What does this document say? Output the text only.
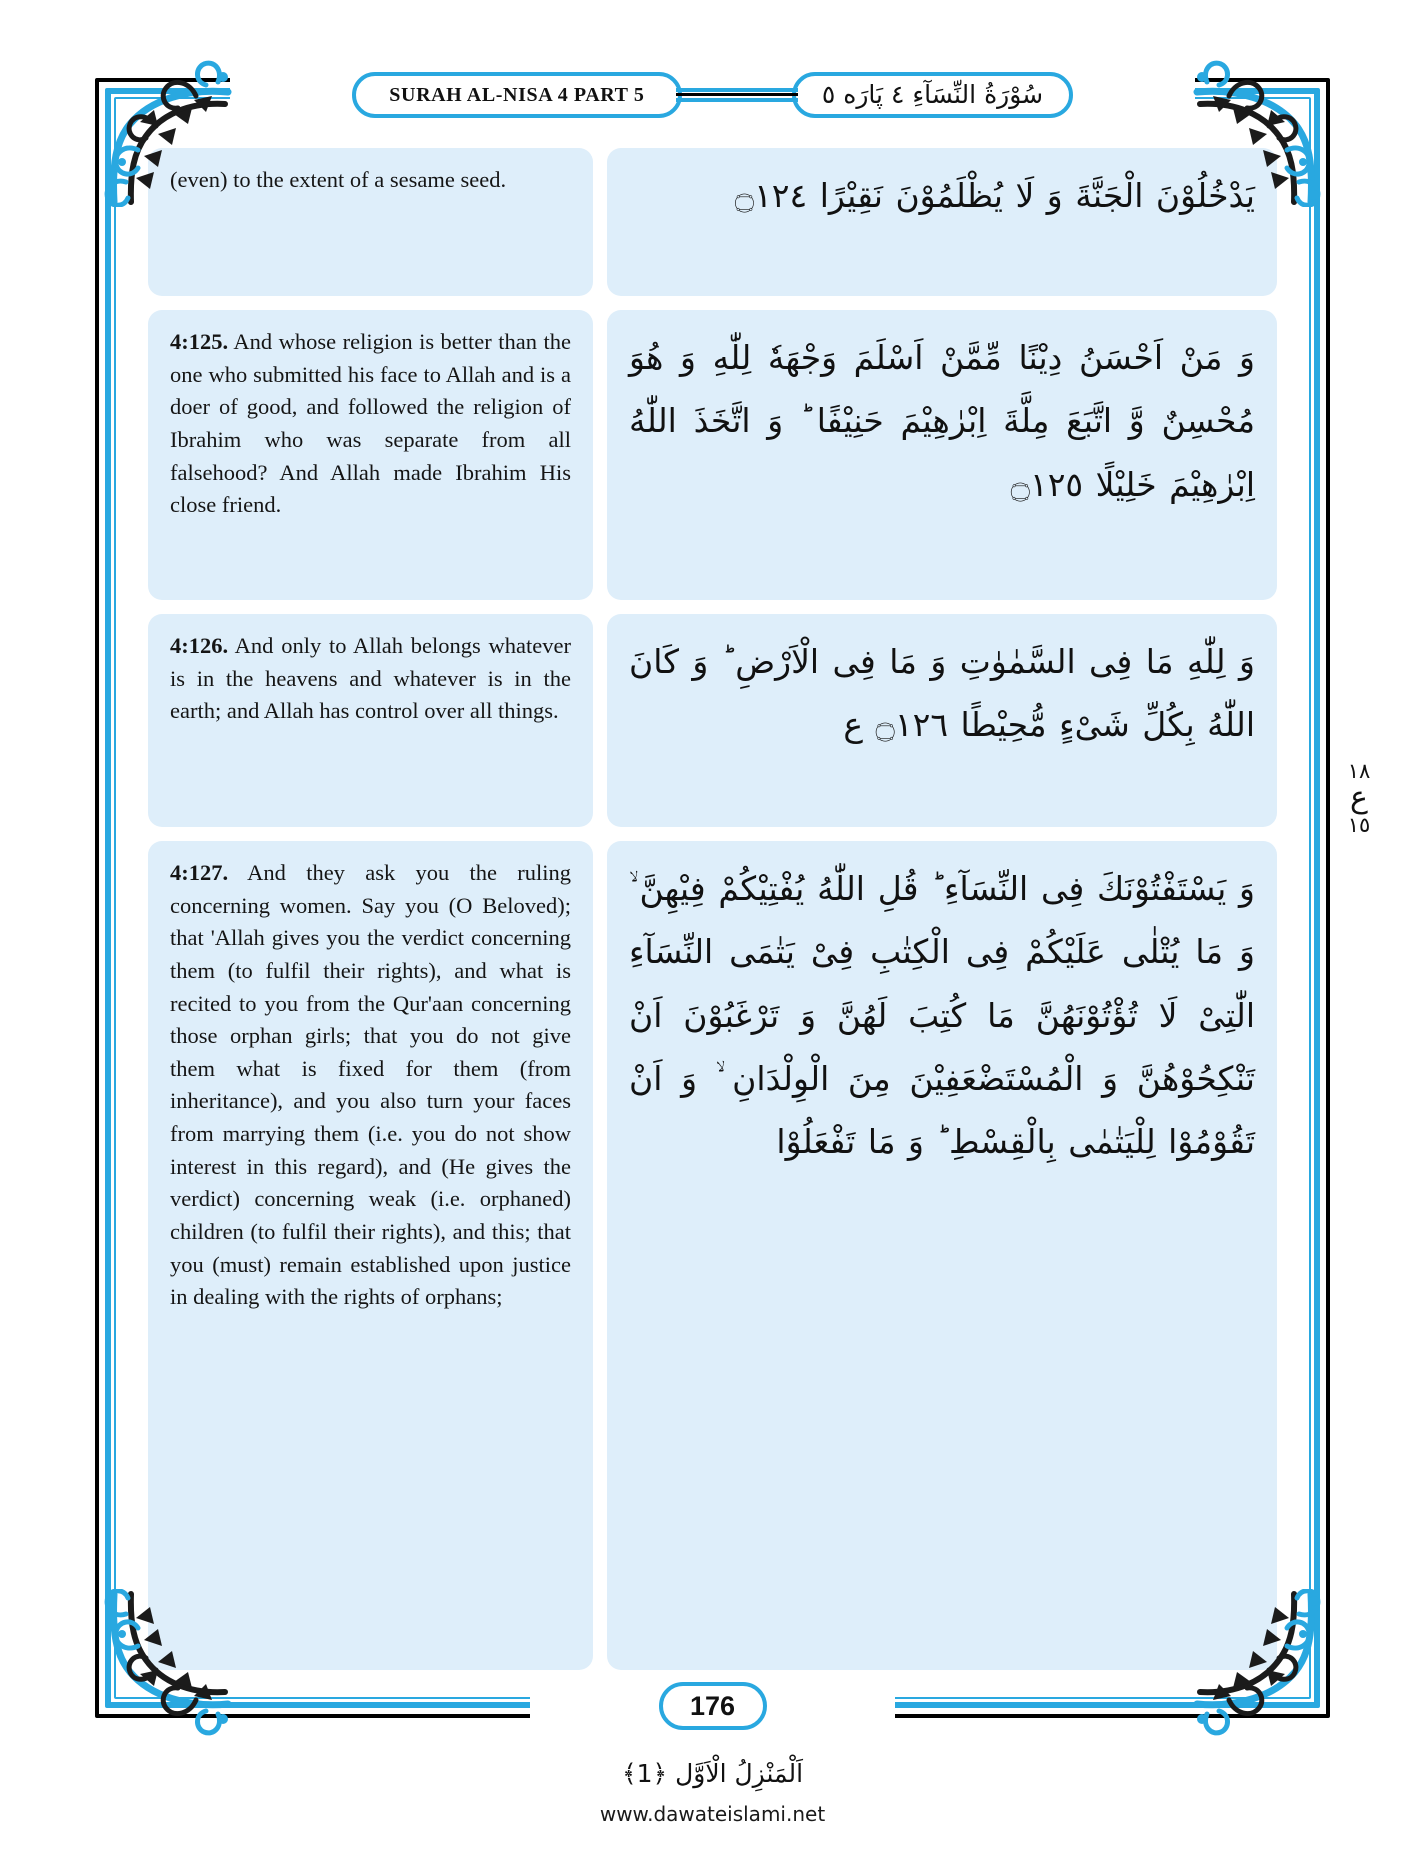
SURAH AL-NISA 4 PART 5	سُوْرَةُ النِّسَآءِ ٤ پَارَه ٥

(even) to the extent of a sesame seed.

4:125. And whose religion is better than the one who submitted his face to Allah and is a doer of good, and followed the religion of Ibrahim who was separate from all falsehood? And Allah made Ibrahim His close friend.

4:126. And only to Allah belongs whatever is in the heavens and whatever is in the earth; and Allah has control over all things.

4:127. And they ask you the ruling concerning women. Say you (O Beloved); that 'Allah gives you the verdict concerning them (to fulfil their rights), and what is recited to you from the Qur'aan concerning those orphan girls; that you do not give them what is fixed for them (from inheritance), and you also turn your faces from marrying them (i.e. you do not show interest in this regard), and (He gives the verdict) concerning weak (i.e. orphaned) children (to fulfil their rights), and this; that you (must) remain established upon justice in dealing with the rights of orphans;

یَدْخُلُوْنَ الْجَنَّةَ وَ لَا یُظْلَمُوْنَ نَقِیْرًا ۝١٢٤

وَ مَنْ اَحْسَنُ دِیْنًا مِّمَّنْ اَسْلَمَ وَجْهَهٗ لِلّٰهِ وَ هُوَ مُحْسِنٌ وَّ اتَّبَعَ مِلَّةَ اِبْرٰهِیْمَ حَنِیْفًا ؕ وَ اتَّخَذَ اللّٰهُ اِبْرٰهِیْمَ خَلِیْلًا ۝١٢٥

وَ لِلّٰهِ مَا فِی السَّمٰوٰتِ وَ مَا فِی الْاَرْضِ ؕ وَ كَانَ اللّٰهُ بِكُلِّ شَیْءٍ مُّحِیْطًا ۝١٢٦ ع

وَ یَسْتَفْتُوْنَكَ فِی النِّسَآءِ ؕ قُلِ اللّٰهُ یُفْتِیْكُمْ فِیْهِنَّ ۙ وَ مَا یُتْلٰی عَلَیْكُمْ فِی الْكِتٰبِ فِیْ یَتٰمَی النِّسَآءِ الّٰتِیْ لَا تُؤْتُوْنَهُنَّ مَا كُتِبَ لَهُنَّ وَ تَرْغَبُوْنَ اَنْ تَنْكِحُوْهُنَّ وَ الْمُسْتَضْعَفِیْنَ مِنَ الْوِلْدَانِ ۙ وَ اَنْ تَقُوْمُوْا لِلْیَتٰمٰی بِالْقِسْطِ ؕ وَ مَا تَفْعَلُوْا

١٨
ع
١٥
176
اَلْمَنْزِلُ الْاَوَّل ﴿1﴾
www.dawateislami.net
